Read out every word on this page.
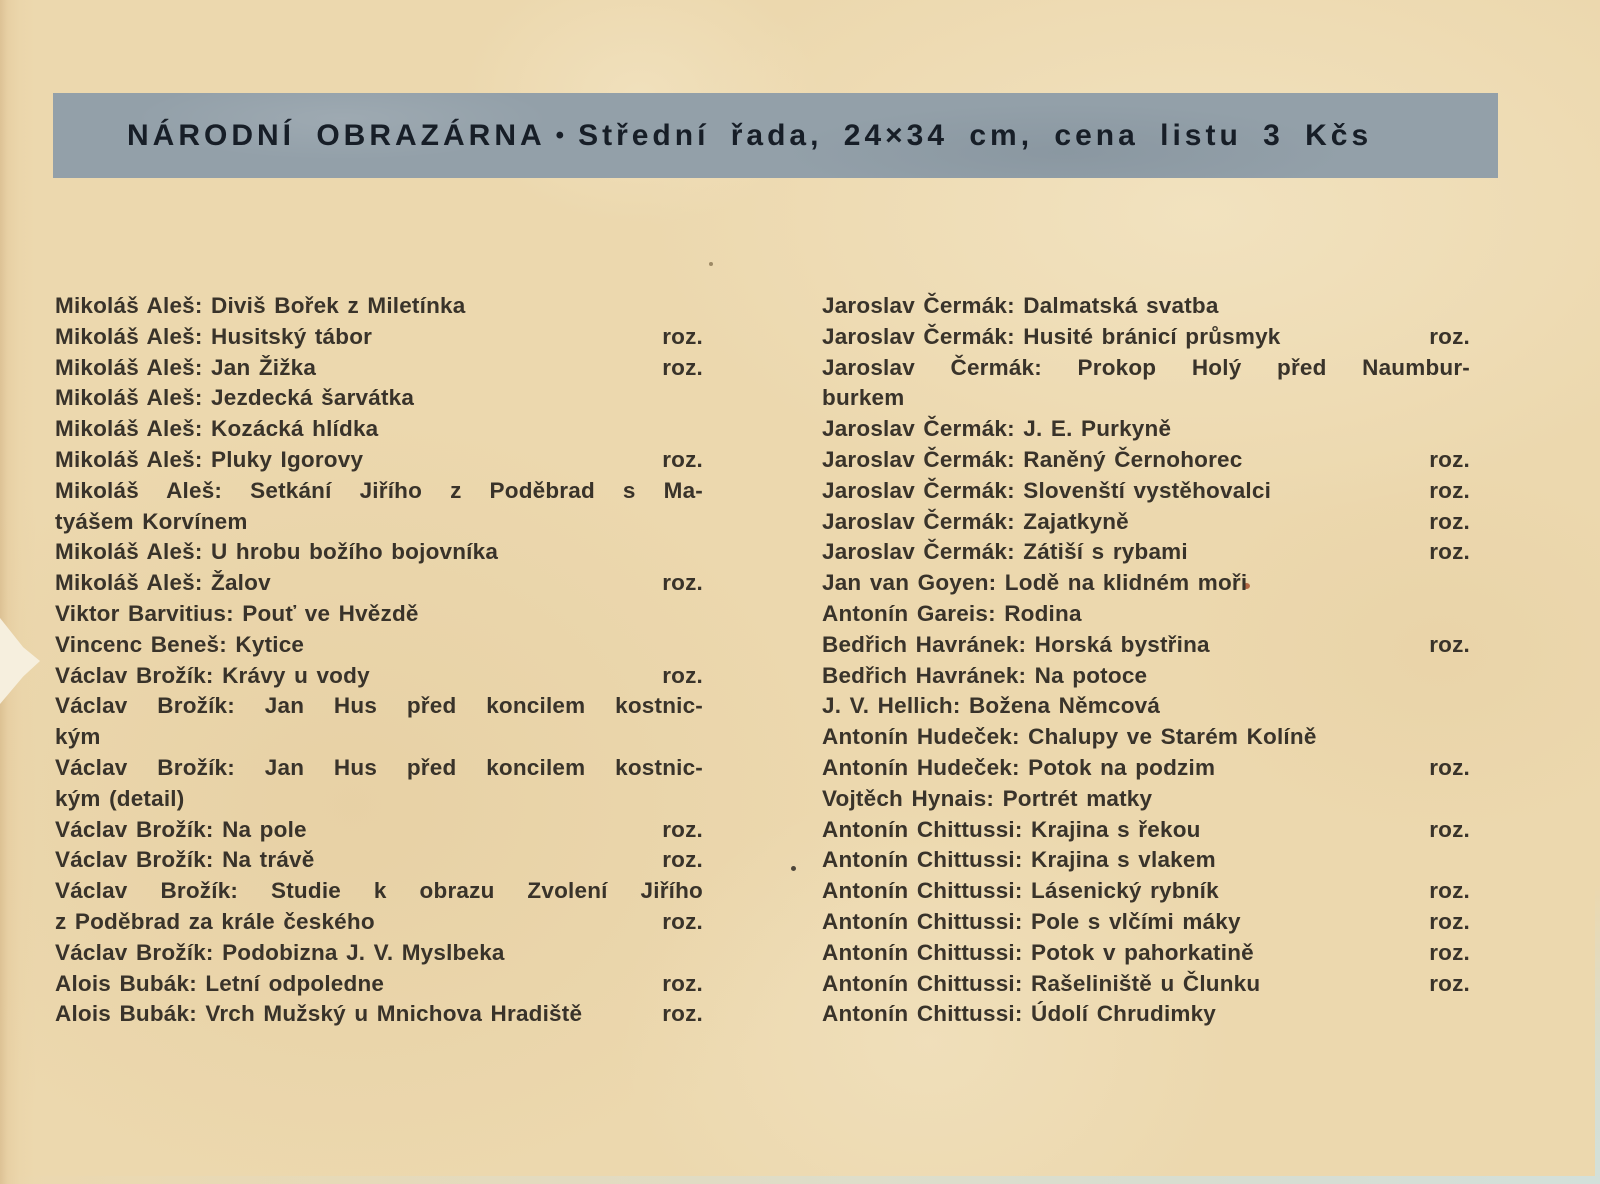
NÁRODNÍ OBRAZÁRNA • Střední řada, 24×34 cm, cena listu 3 Kčs
Mikoláš Aleš: Diviš Bořek z Miletínka
Mikoláš Aleš: Husitský tábor	roz.
Mikoláš Aleš: Jan Žižka	roz.
Mikoláš Aleš: Jezdecká šarvátka
Mikoláš Aleš: Kozácká hlídka
Mikoláš Aleš: Pluky Igorovy	roz.
Mikoláš Aleš: Setkání Jiřího z Poděbrad s Ma-
tyášem Korvínem
Mikoláš Aleš: U hrobu božího bojovníka
Mikoláš Aleš: Žalov	roz.
Viktor Barvitius: Pouť ve Hvězdě
Vincenc Beneš: Kytice
Václav Brožík: Krávy u vody	roz.
Václav Brožík: Jan Hus před koncilem kostnic-
kým
Václav Brožík: Jan Hus před koncilem kostnic-
kým (detail)
Václav Brožík: Na pole	roz.
Václav Brožík: Na trávě	roz.
Václav Brožík: Studie k obrazu Zvolení Jiřího
z Poděbrad za krále českého	roz.
Václav Brožík: Podobizna J. V. Myslbeka
Alois Bubák: Letní odpoledne	roz.
Alois Bubák: Vrch Mužský u Mnichova Hradiště	roz.
Jaroslav Čermák: Dalmatská svatba
Jaroslav Čermák: Husité bránicí průsmyk	roz.
Jaroslav Čermák: Prokop Holý před Naumbur-
burkem
Jaroslav Čermák: J. E. Purkyně
Jaroslav Čermák: Raněný Černohorec	roz.
Jaroslav Čermák: Slovenští vystěhovalci	roz.
Jaroslav Čermák: Zajatkyně	roz.
Jaroslav Čermák: Zátiší s rybami	roz.
Jan van Goyen: Lodě na klidném moři
Antonín Gareis: Rodina
Bedřich Havránek: Horská bystřina	roz.
Bedřich Havránek: Na potoce
J. V. Hellich: Božena Němcová
Antonín Hudeček: Chalupy ve Starém Kolíně
Antonín Hudeček: Potok na podzim	roz.
Vojtěch Hynais: Portrét matky
Antonín Chittussi: Krajina s řekou	roz.
Antonín Chittussi: Krajina s vlakem
Antonín Chittussi: Lásenický rybník	roz.
Antonín Chittussi: Pole s vlčími máky	roz.
Antonín Chittussi: Potok v pahorkatině	roz.
Antonín Chittussi: Rašeliniště u Člunku	roz.
Antonín Chittussi: Údolí Chrudimky
